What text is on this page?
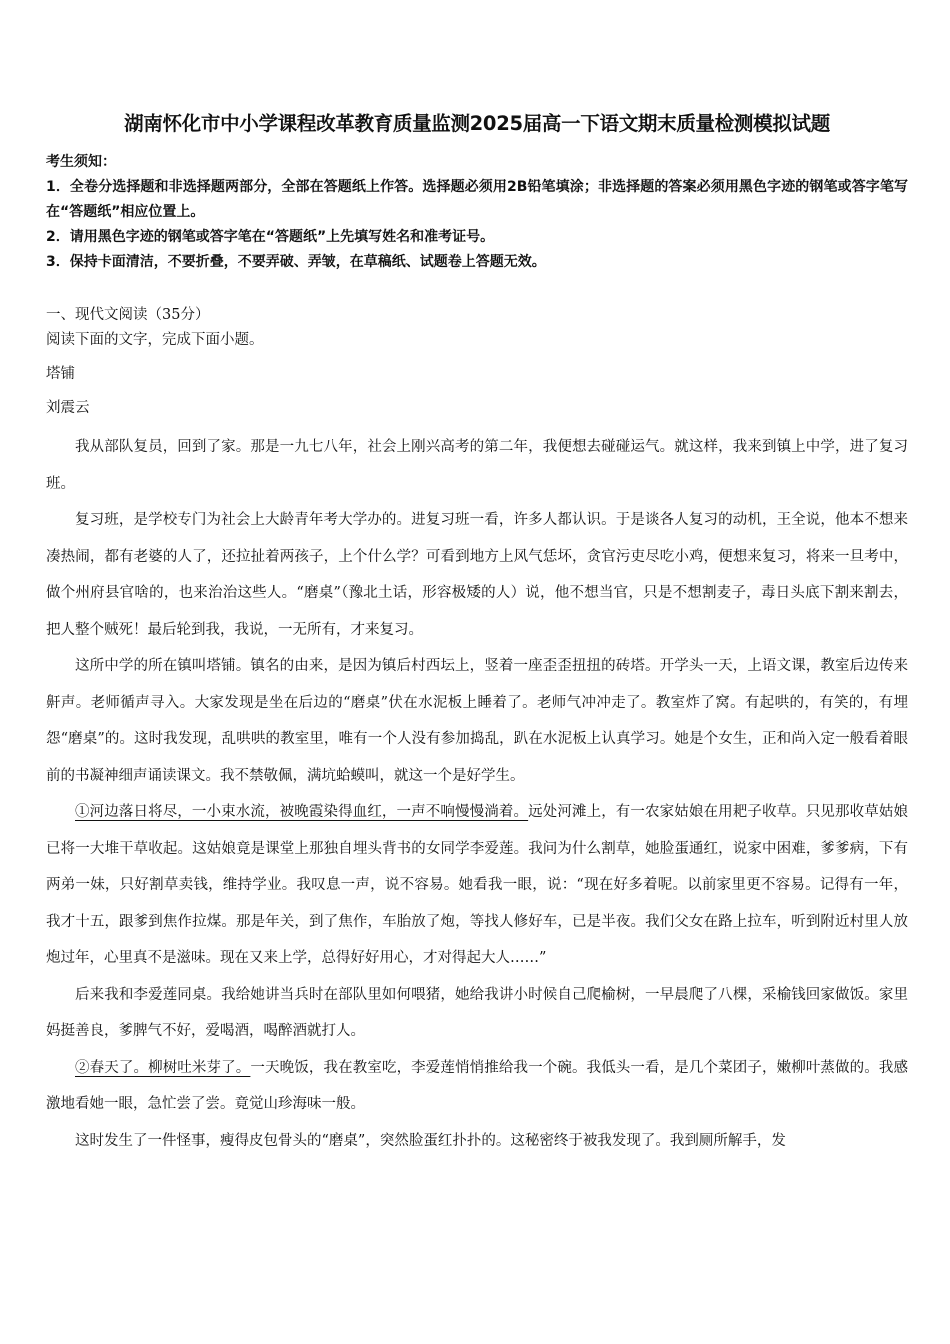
湖南怀化市中小学课程改革教育质量监测2025届高一下语文期末质量检测模拟试题

考生须知：

1．全卷分选择题和非选择题两部分，全部在答题纸上作答。选择题必须用2B铅笔填涂；非选择题的答案必须用黑色字迹的钢笔或答字笔写在“答题纸”相应位置上。

2．请用黑色字迹的钢笔或答字笔在“答题纸”上先填写姓名和准考证号。

3．保持卡面清洁，不要折叠，不要弄破、弄皱，在草稿纸、试题卷上答题无效。

一、现代文阅读（35分）

阅读下面的文字，完成下面小题。

塔铺

刘震云

我从部队复员，回到了家。那是一九七八年，社会上刚兴高考的第二年，我便想去碰碰运气。就这样，我来到镇上中学，进了复习班。

复习班，是学校专门为社会上大龄青年考大学办的。进复习班一看，许多人都认识。于是谈各人复习的动机，王全说，他本不想来凑热闹，都有老婆的人了，还拉扯着两孩子，上个什么学？可看到地方上风气恁坏，贪官污吏尽吃小鸡，便想来复习，将来一旦考中，做个州府县官啥的，也来治治这些人。“磨桌”（豫北土话，形容极矮的人）说，他不想当官，只是不想割麦子，毒日头底下割来割去，把人整个贼死！最后轮到我，我说，一无所有，才来复习。

这所中学的所在镇叫塔铺。镇名的由来，是因为镇后村西坛上，竖着一座歪歪扭扭的砖塔。开学头一天，上语文课，教室后边传来鼾声。老师循声寻入。大家发现是坐在后边的“磨桌”伏在水泥板上睡着了。老师气冲冲走了。教室炸了窝。有起哄的，有笑的，有埋怨“磨桌”的。这时我发现，乱哄哄的教室里，唯有一个人没有参加捣乱，趴在水泥板上认真学习。她是个女生，正和尚入定一般看着眼前的书凝神细声诵读课文。我不禁敬佩，满坑蛤蟆叫，就这一个是好学生。

①河边落日将尽，一小束水流，被晚霞染得血红，一声不响慢慢淌着。远处河滩上，有一农家姑娘在用耙子收草。只见那收草姑娘已将一大堆干草收起。这姑娘竟是课堂上那独自埋头背书的女同学李爱莲。我问为什么割草，她脸蛋通红，说家中困难，爹爹病，下有两弟一妹，只好割草卖钱，维持学业。我叹息一声，说不容易。她看我一眼，说：“现在好多着呢。以前家里更不容易。记得有一年，我才十五，跟爹到焦作拉煤。那是年关，到了焦作，车胎放了炮，等找人修好车，已是半夜。我们父女在路上拉车，听到附近村里人放炮过年，心里真不是滋味。现在又来上学，总得好好用心，才对得起大人……”

后来我和李爱莲同桌。我给她讲当兵时在部队里如何喂猪，她给我讲小时候自己爬榆树，一早晨爬了八棵，采榆钱回家做饭。家里妈挺善良，爹脾气不好，爱喝酒，喝醉酒就打人。

②春天了。柳树吐米芽了。一天晚饭，我在教室吃，李爱莲悄悄推给我一个碗。我低头一看，是几个菜团子，嫩柳叶蒸做的。我感激地看她一眼，急忙尝了尝。竟觉山珍海味一般。

这时发生了一件怪事，瘦得皮包骨头的“磨桌”，突然脸蛋红扑扑的。这秘密终于被我发现了。我到厕所解手，发
